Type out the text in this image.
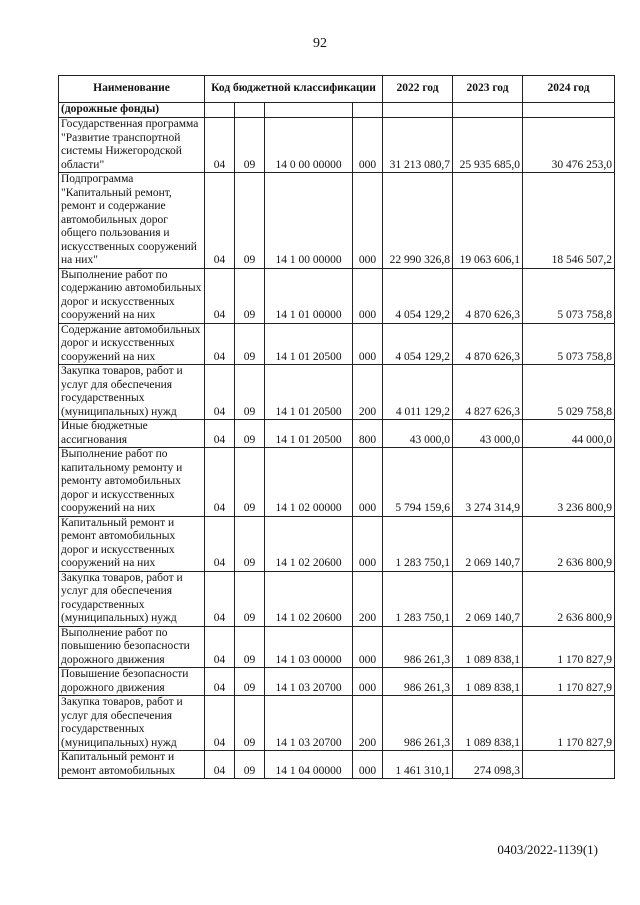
92
Наименование	Код бюджетной классификации				2022 год	2023 год	2024 год
(дорожные фонды)							
Государственная программа "Развитие транспортной системы Нижегородской области"	04	09	14 0 00 00000	000	31 213 080,7	25 935 685,0	30 476 253,0
Подпрограмма "Капитальный ремонт, ремонт и содержание автомобильных дорог общего пользования и искусственных сооружений на них"	04	09	14 1 00 00000	000	22 990 326,8	19 063 606,1	18 546 507,2
Выполнение работ по содержанию автомобильных дорог и искусственных сооружений на них	04	09	14 1 01 00000	000	4 054 129,2	4 870 626,3	5 073 758,8
Содержание автомобильных дорог и искусственных сооружений на них	04	09	14 1 01 20500	000	4 054 129,2	4 870 626,3	5 073 758,8
Закупка товаров, работ и услуг для обеспечения государственных (муниципальных) нужд	04	09	14 1 01 20500	200	4 011 129,2	4 827 626,3	5 029 758,8
Иные бюджетные ассигнования	04	09	14 1 01 20500	800	43 000,0	43 000,0	44 000,0
Выполнение работ по капитальному ремонту и ремонту автомобильных дорог и искусственных сооружений на них	04	09	14 1 02 00000	000	5 794 159,6	3 274 314,9	3 236 800,9
Капитальный ремонт и ремонт автомобильных дорог и искусственных сооружений на них	04	09	14 1 02 20600	000	1 283 750,1	2 069 140,7	2 636 800,9
Закупка товаров, работ и услуг для обеспечения государственных (муниципальных) нужд	04	09	14 1 02 20600	200	1 283 750,1	2 069 140,7	2 636 800,9
Выполнение работ по повышению безопасности дорожного движения	04	09	14 1 03 00000	000	986 261,3	1 089 838,1	1 170 827,9
Повышение безопасности дорожного движения	04	09	14 1 03 20700	000	986 261,3	1 089 838,1	1 170 827,9
Закупка товаров, работ и услуг для обеспечения государственных (муниципальных) нужд	04	09	14 1 03 20700	200	986 261,3	1 089 838,1	1 170 827,9
Капитальный ремонт и ремонт автомобильных	04	09	14 1 04 00000	000	1 461 310,1	274 098,3	
0403/2022-1139(1)
